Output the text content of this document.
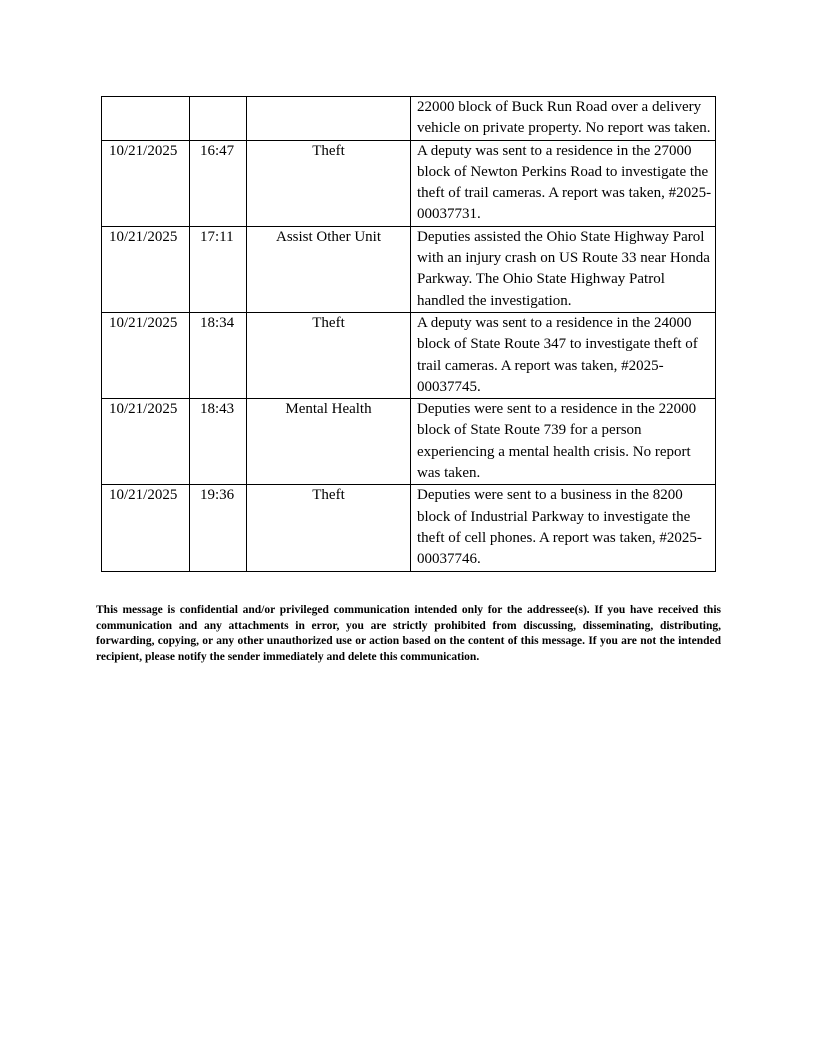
			22000 block of Buck Run Road over a delivery vehicle on private property. No report was taken.
10/21/2025	16:47	Theft	A deputy was sent to a residence in the 27000 block of Newton Perkins Road to investigate the theft of trail cameras. A report was taken, #2025-00037731.
10/21/2025	17:11	Assist Other Unit	Deputies assisted the Ohio State Highway Parol with an injury crash on US Route 33 near Honda Parkway. The Ohio State Highway Patrol handled the investigation.
10/21/2025	18:34	Theft	A deputy was sent to a residence in the 24000 block of State Route 347 to investigate theft of trail cameras. A report was taken, #2025-00037745.
10/21/2025	18:43	Mental Health	Deputies were sent to a residence in the 22000 block of State Route 739 for a person experiencing a mental health crisis. No report was taken.
10/21/2025	19:36	Theft	Deputies were sent to a business in the 8200 block of Industrial Parkway to investigate the theft of cell phones. A report was taken, #2025-00037746.

This message is confidential and/or privileged communication intended only for the addressee(s). If you have received this communication and any attachments in error, you are strictly prohibited from discussing, disseminating, distributing, forwarding, copying, or any other unauthorized use or action based on the content of this message. If you are not the intended recipient, please notify the sender immediately and delete this communication.
